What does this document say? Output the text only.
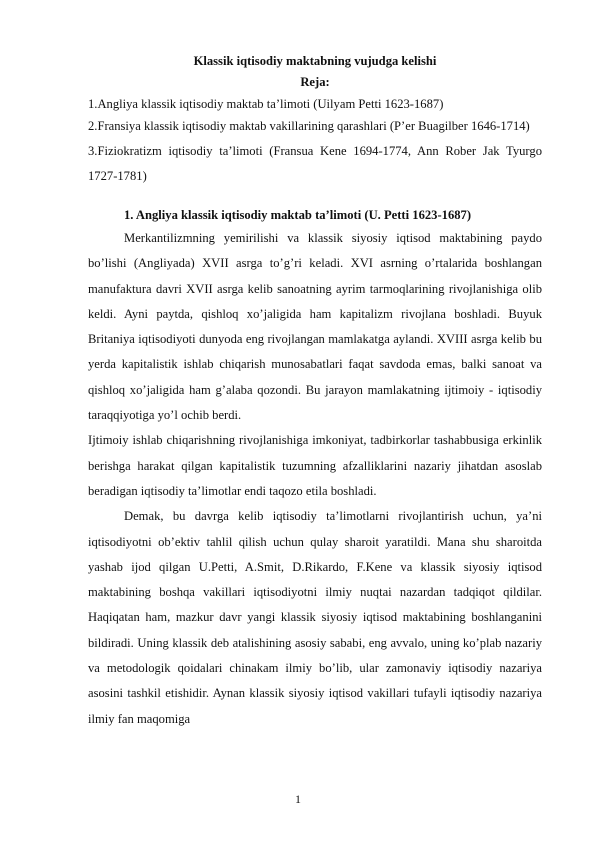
Klassik iqtisodiy maktabning vujudga kelishi

Reja:

1.Angliya klassik iqtisodiy maktab ta’limoti (Uilyam Petti 1623-1687)

2.Fransiya klassik iqtisodiy maktab vakillarining qarashlari (P’er Buagilber 1646-1714)

3.Fiziokratizm iqtisodiy ta’limoti (Fransua Kene 1694-1774, Ann Rober Jak Tyurgo 1727-1781)

1. Angliya klassik iqtisodiy maktab ta’limoti (U. Petti 1623-1687)

Merkantilizmning yemirilishi va klassik siyosiy iqtisod maktabining paydo bo’lishi (Angliyada) XVII asrga to’g’ri keladi. XVI asrning o’rtalarida boshlangan manufaktura davri XVII asrga kelib sanoatning ayrim tarmoqlarining rivojlanishiga olib keldi. Ayni paytda, qishloq xo’jaligida ham kapitalizm rivojlana boshladi. Buyuk Britaniya iqtisodiyoti dunyoda eng rivojlangan mamlakatga aylandi. XVIII asrga kelib bu yerda kapitalistik ishlab chiqarish munosabatlari faqat savdoda emas, balki sanoat va qishloq xo’jaligida ham g’alaba qozondi. Bu jarayon mamlakatning ijtimoiy - iqtisodiy taraqqiyotiga yo’l ochib berdi.

Ijtimoiy ishlab chiqarishning rivojlanishiga imkoniyat, tadbirkorlar tashabbusiga erkinlik berishga harakat qilgan kapitalistik tuzumning afzalliklarini nazariy jihatdan asoslab beradigan iqtisodiy ta’limotlar endi taqozo etila boshladi.

Demak, bu davrga kelib iqtisodiy ta’limotlarni rivojlantirish uchun, ya’ni iqtisodiyotni ob’ektiv tahlil qilish uchun qulay sharoit yaratildi. Mana shu sharoitda yashab ijod qilgan U.Petti, A.Smit, D.Rikardo, F.Kene va klassik siyosiy iqtisod maktabining boshqa vakillari iqtisodiyotni ilmiy nuqtai nazardan tadqiqot qildilar. Haqiqatan ham, mazkur davr yangi klassik siyosiy iqtisod maktabining boshlanganini bildiradi. Uning klassik deb atalishining asosiy sababi, eng avvalo, uning ko’plab nazariy va metodologik qoidalari chinakam ilmiy bo’lib, ular zamonaviy iqtisodiy nazariya asosini tashkil etishidir. Aynan klassik siyosiy iqtisod vakillari tufayli iqtisodiy nazariya ilmiy fan maqomiga

1
